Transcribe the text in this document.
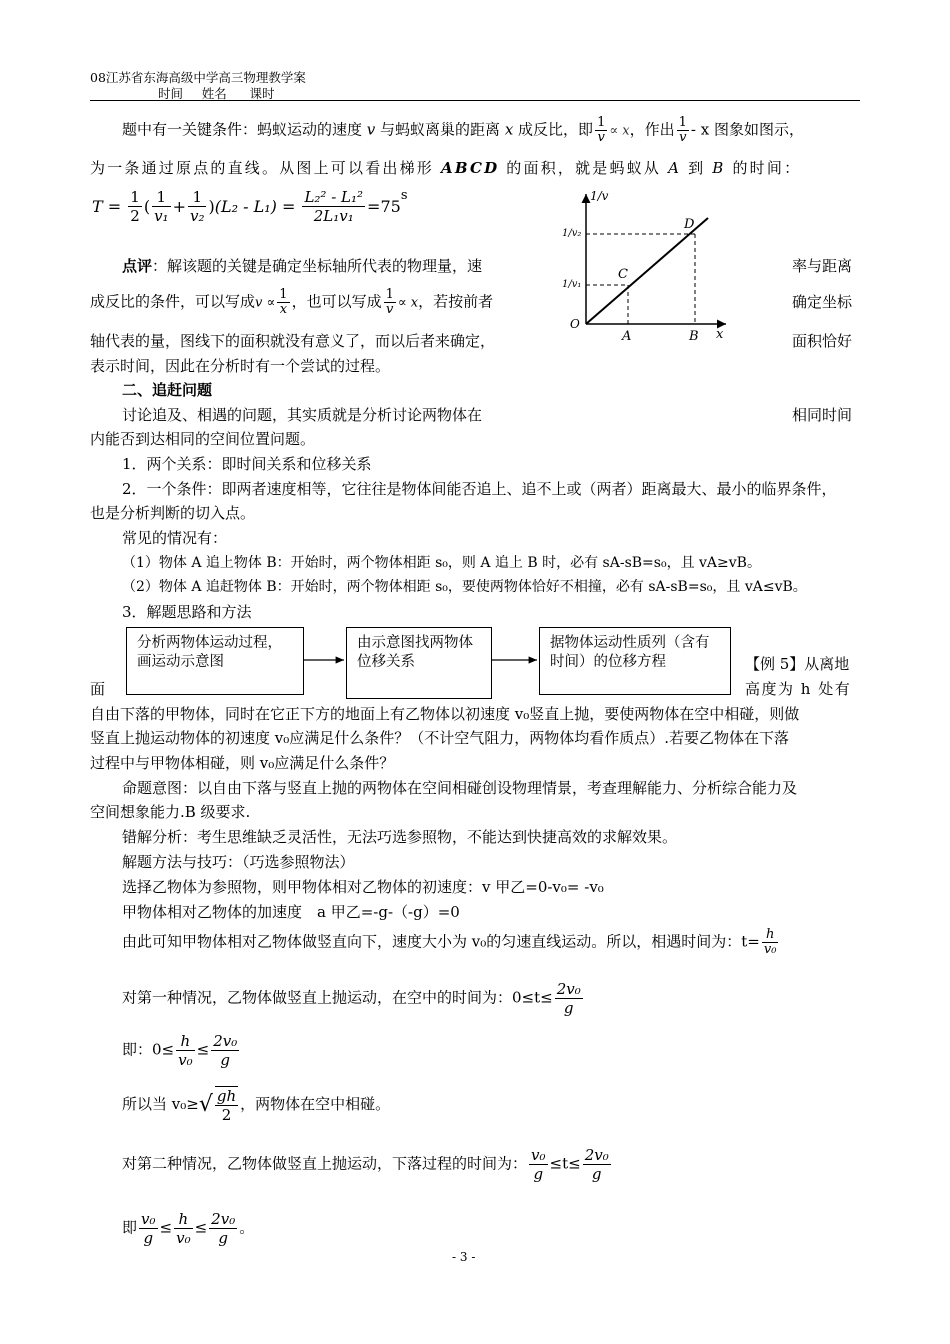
08江苏省东海高级中学高三物理教学案
时间___姓名___ 课时_____
题中有一关键条件：蚂蚁运动的速度 v 与蚂蚁离巢的距离 x 成反比，即 $\frac{1}{v} \propto x$，作出 $\frac{1}{v}$ - x 图象如图示，
为一条通过原点的直线。从图上可以看出梯形 ABCD 的面积，就是蚂蚁从 A 到 B 的时间：
$T = \frac{1}{2}$ ( $\frac{1}{\text{v₁}} + \frac{1}{\text{v₂}} )(L_2 - L_1) = \frac{\text{L₂² - L₁²}}{\text{2L₁v₁}} =75^s$
点评：解该题的关键是确定坐标轴所代表的物理量，速	率与距离
成反比的条件，可以写成$v \propto \frac{1}{x}$ ，也可以写成 $\frac{1}{v} \propto x$，若按前者	确定坐标
轴代表的量，图线下的面积就没有意义了，而以后者来确定，	面积恰好
表示时间，因此在分析时有一个尝试的过程。
1/v
1/v₂
1/v₁
O
C
D
A	B x
二、追赶问题
讨论追及、相遇的问题，其实质就是分析讨论两物体在	相同时间
内能否到达相同的空间位置问题。
1．两个关系：即时间关系和位移关系
2．一个条件：即两者速度相等，它往往是物体间能否追上、追不上或（两者）距离最大、最小的临界条件，
也是分析判断的切入点。
常见的情况有：
（1）物体 A 追上物体 B：开始时，两个物体相距 s₀，则 A 追上 B 时，必有 sA-sB=s₀，且 vA≥vB。
（2）物体 A 追赶物体 B：开始时，两个物体相距 s₀，要使两物体恰好不相撞，必有 sA-sB=s₀，且 vA≤vB。
3．解题思路和方法
分析两物体运动过程，画运动示意图
由示意图找两物体位移关系
据物体运动性质列（含有时间）的位移方程	【例 5】从离地
面	高度为 h 处有
自由下落的甲物体，同时在它正下方的地面上有乙物体以初速度 v₀竖直上抛，要使两物体在空中相碰，则做
竖直上抛运动物体的初速度 v₀应满足什么条件？（不计空气阻力，两物体均看作质点）.若要乙物体在下落
过程中与甲物体相碰，则 v₀应满足什么条件？
命题意图：以自由下落与竖直上抛的两物体在空间相碰创设物理情景，考查理解能力、分析综合能力及
空间想象能力.B 级要求.
错解分析：考生思维缺乏灵活性，无法巧选参照物，不能达到快捷高效的求解效果。
解题方法与技巧：（巧选参照物法）
选择乙物体为参照物，则甲物体相对乙物体的初速度：v 甲乙=0-v₀= -v₀
甲物体相对乙物体的加速度　a 甲乙=-g-（-g）=0
由此可知甲物体相对乙物体做竖直向下，速度大小为 v₀的匀速直线运动。所以，相遇时间为：$t= \frac{h}{\text{v₀}}$
对第一种情况，乙物体做竖直上抛运动，在空中的时间为：$0\le t\le \frac{\text{2v₀}}{g}$
即：$0\le \frac{h}{\text{v₀}} \le \frac{\text{2v₀}}{g}$
所以当 $v_0\ge√ \frac{gh}{2}$ ，两物体在空中相碰。
对第二种情况，乙物体做竖直上抛运动，下落过程的时间为： $\frac{\text{v₀}}{g} \le t\le \frac{\text{2v₀}}{g}$
即 $\frac{\text{v₀}}{g} \le \frac{h}{\text{v₀}} \le \frac{\text{2v₀}}{g}$ 。
- 3 -
